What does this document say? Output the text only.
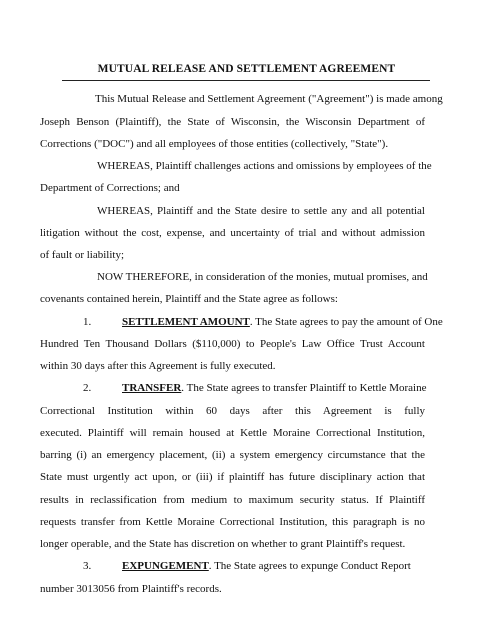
MUTUAL RELEASE AND SETTLEMENT AGREEMENT
This Mutual Release and Settlement Agreement ("Agreement") is made among
Joseph Benson (Plaintiff), the State of Wisconsin, the Wisconsin Department of
Corrections ("DOC") and all employees of those entities (collectively, "State").
WHEREAS, Plaintiff challenges actions and omissions by employees of the
Department of Corrections; and
WHEREAS, Plaintiff and the State desire to settle any and all potential
litigation without the cost, expense, and uncertainty of trial and without admission
of fault or liability;
NOW THEREFORE, in consideration of the monies, mutual promises, and
covenants contained herein, Plaintiff and the State agree as follows:
1.	SETTLEMENT AMOUNT. The State agrees to pay the amount of One
Hundred Ten Thousand Dollars ($110,000) to People's Law Office Trust Account
within 30 days after this Agreement is fully executed.
2.	TRANSFER. The State agrees to transfer Plaintiff to Kettle Moraine
Correctional Institution within 60 days after this Agreement is fully
executed. Plaintiff will remain housed at Kettle Moraine Correctional Institution,
barring (i) an emergency placement, (ii) a system emergency circumstance that the
State must urgently act upon, or (iii) if plaintiff has future disciplinary action that
results in reclassification from medium to maximum security status. If Plaintiff
requests transfer from Kettle Moraine Correctional Institution, this paragraph is no
longer operable, and the State has discretion on whether to grant Plaintiff's request.
3.	EXPUNGEMENT. The State agrees to expunge Conduct Report
number 3013056 from Plaintiff's records.
